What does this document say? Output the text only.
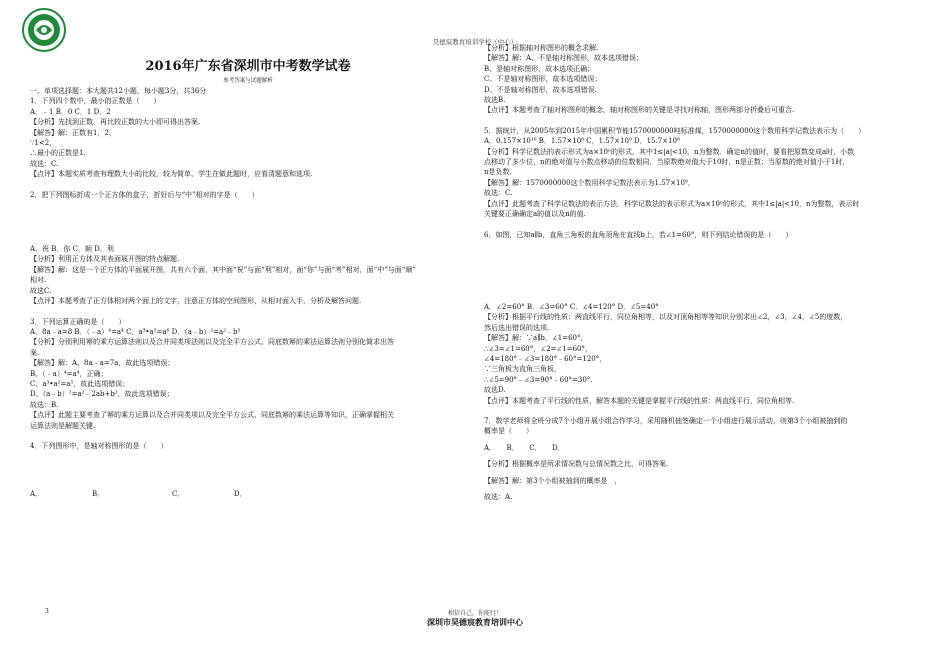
昊德宸教育培训学校（中心）

2016年广东省深圳市中考数学试卷

参考答案与试题解析

一、单项选择题：本大题共12小题，每小题3分，共36分

1．下列四个数中，最小的正数是（　　）

A．﹣1 B．0 C．1 D．2

【分析】先找到正数，再比较正数的大小即可得出答案.

【解答】解：正数有1，2，

∵1<2，

∴最小的正数是1.

故选：C.

【点评】本题实质考查有理数大小的比较，较为简单，学生在做此题时，应看清题意和选项.

2．把下列图标折成一个正方体的盒子，折好后与“中”相对的字是（　　）

A．祝 B．你 C．顺 D．利

【分析】利用正方体及其表面展开图的特点解题.

【解答】解：这是一个正方体的平面展开图，共有六个面，其中面“祝”与面“利”相对，面“你”与面“考”相对，面“中”与面“顺”

相对.

故选C.

【点评】本题考查了正方体相对两个面上的文字，注意正方体的空间图形，从相对面入手，分析及解答问题.

3．下列运算正确的是（　　）

A．8a﹣a=8 B．（﹣a）⁴=a⁴ C．a³•a²=a⁶ D．（a﹣b）²=a²﹣b²

【分析】分别利用幂的乘方运算法则以及合并同类项法则以及完全平方公式、同底数幂的乘法运算法则分别化简求出答

案.

【解答】解：A、8a﹣a=7a，故此选项错误；

B、（﹣a）⁴=a⁴，正确；

C、a³•a²=a⁵，故此选项错误；

D、（a﹣b）²=a²﹣2ab+b²，故此选项错误；

故选：B.

【点评】此题主要考查了幂的乘方运算以及合并同类项以及完全平方公式、同底数幂的乘法运算等知识，正确掌握相关

运算法则是解题关键.

4．下列图形中，是轴对称图形的是（　　）

A．	B．	C．	D．

【分析】根据轴对称图形的概念求解.

【解答】解：A、不是轴对称图形，故本选项错误；

B、是轴对称图形，故本选项正确；

C、不是轴对称图形，故本选项错误；

D、不是轴对称图形，故本选项错误.

故选B.

【点评】本题考查了轴对称图形的概念，轴对称图形的关键是寻找对称轴，图形两部分折叠后可重合.

5．据统计，从2005年到2015年中国累积节能1570000000吨标准煤，1570000000这个数用科学记数法表示为（　　）

A．0.157×10¹⁰ B．1.57×10⁸ C．1.57×10⁹ D．15.7×10⁸

【分析】科学记数法的表示形式为a×10ⁿ的形式，其中1≤|a|<10，n为整数．确定n的值时，要看把原数变成a时，小数

点移动了多少位，n的绝对值与小数点移动的位数相同．当原数绝对值大于10时，n是正数；当原数的绝对值小于1时，

n是负数.

【解答】解：1570000000这个数用科学记数法表示为1.57×10⁹，

故选：C.

【点评】此题考查了科学记数法的表示方法．科学记数法的表示形式为a×10ⁿ的形式，其中1≤|a|<10，n为整数，表示时

关键要正确确定a的值以及n的值.

6．如图，已知a∥b，直角三角板的直角顶角在直线b上，若∠1=60°，则下列结论错误的是（　　）

A．∠2=60° B．∠3=60° C．∠4=120° D．∠5=40°

【分析】根据平行线的性质：两直线平行，同位角相等，以及对顶角相等等知识分别求出∠2，∠3，∠4，∠5的度数，

然后选出错误的选项.

【解答】解：∵a∥b，∠1=60°，

∴∠3=∠1=60°，∠2=∠1=60°，

∠4=180°﹣∠3=180°﹣60°=120°，

∵三角板为直角三角板，

∴∠5=90°﹣∠3=90°﹣60°=30°.

故选D.

【点评】本题考查了平行线的性质，解答本题的关键是掌握平行线的性质：两直线平行，同位角相等.

7．数学老师将全班分成7个小组开展小组合作学习，采用随机抽签确定一个小组进行展示活动，则第3个小组被抽到的

概率是（　　）

A．　　B．　　C．　　D．

【分析】根据概率是所求情况数与总情况数之比，可得答案.

【解答】解：第3个小组被抽到的概率是　，

故选：A.

3	相信自己，你能行！
深圳市昊德宸教育培训中心
